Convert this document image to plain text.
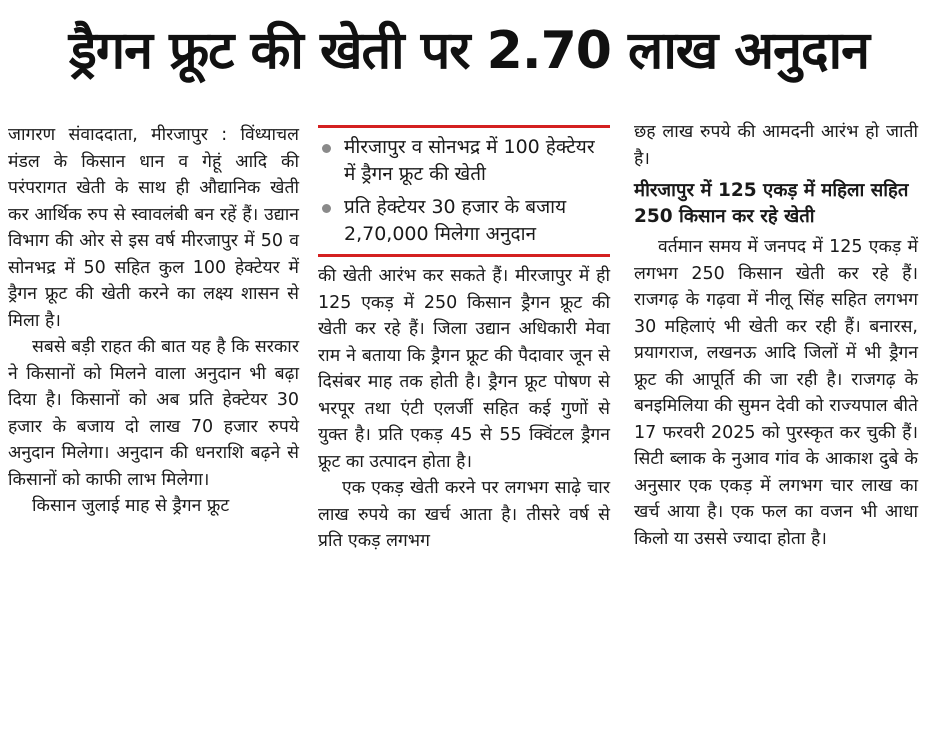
ड्रैगन फ्रूट की खेती पर 2.70 लाख अनुदान

जागरण संवाददाता, मीरजापुर : विंध्याचल मंडल के किसान धान व गेहूं आदि की परंपरागत खेती के साथ ही औद्यानिक खेती कर आर्थिक रुप से स्वावलंबी बन रहें हैं। उद्यान विभाग की ओर से इस वर्ष मीरजापुर में 50 व सोनभद्र में 50 सहित कुल 100 हेक्टेयर में ड्रैगन फ्रूट की खेती करने का लक्ष्य शासन से मिला है।

सबसे बड़ी राहत की बात यह है कि सरकार ने किसानों को मिलने वाला अनुदान भी बढ़ा दिया है। किसानों को अब प्रति हेक्टेयर 30 हजार के बजाय दो लाख 70 हजार रुपये अनुदान मिलेगा। अनुदान की धनराशि बढ़ने से किसानों को काफी लाभ मिलेगा।

किसान जुलाई माह से ड्रैगन फ्रूट

मीरजापुर व सोनभद्र में 100 हेक्टेयर में ड्रैगन फ्रूट की खेती
प्रति हेक्टेयर 30 हजार के बजाय 2,70,000 मिलेगा अनुदान

की खेती आरंभ कर सकते हैं। मीरजापुर में ही 125 एकड़ में 250 किसान ड्रैगन फ्रूट की खेती कर रहे हैं। जिला उद्यान अधिकारी मेवा राम ने बताया कि ड्रैगन फ्रूट की पैदावार जून से दिसंबर माह तक होती है। ड्रैगन फ्रूट पोषण से भरपूर तथा एंटी एलर्जी सहित कई गुणों से युक्त है। प्रति एकड़ 45 से 55 क्विंटल ड्रैगन फ्रूट का उत्पादन होता है।

एक एकड़ खेती करने पर लगभग साढ़े चार लाख रुपये का खर्च आता है। तीसरे वर्ष से प्रति एकड़ लगभग

छह लाख रुपये की आमदनी आरंभ हो जाती है।

मीरजापुर में 125 एकड़ में महिला सहित 250 किसान कर रहे खेती

वर्तमान समय में जनपद में 125 एकड़ में लगभग 250 किसान खेती कर रहे हैं। राजगढ़ के गढ़वा में नीलू सिंह सहित लगभग 30 महिलाएं भी खेती कर रही हैं। बनारस, प्रयागराज, लखनऊ आदि जिलों में भी ड्रैगन फ्रूट की आपूर्ति की जा रही है। राजगढ़ के बनइमिलिया की सुमन देवी को राज्यपाल बीते 17 फरवरी 2025 को पुरस्कृत कर चुकी हैं। सिटी ब्लाक के नुआव गांव के आकाश दुबे के अनुसार एक एकड़ में लगभग चार लाख का खर्च आया है। एक फल का वजन भी आधा किलो या उससे ज्यादा होता है।
